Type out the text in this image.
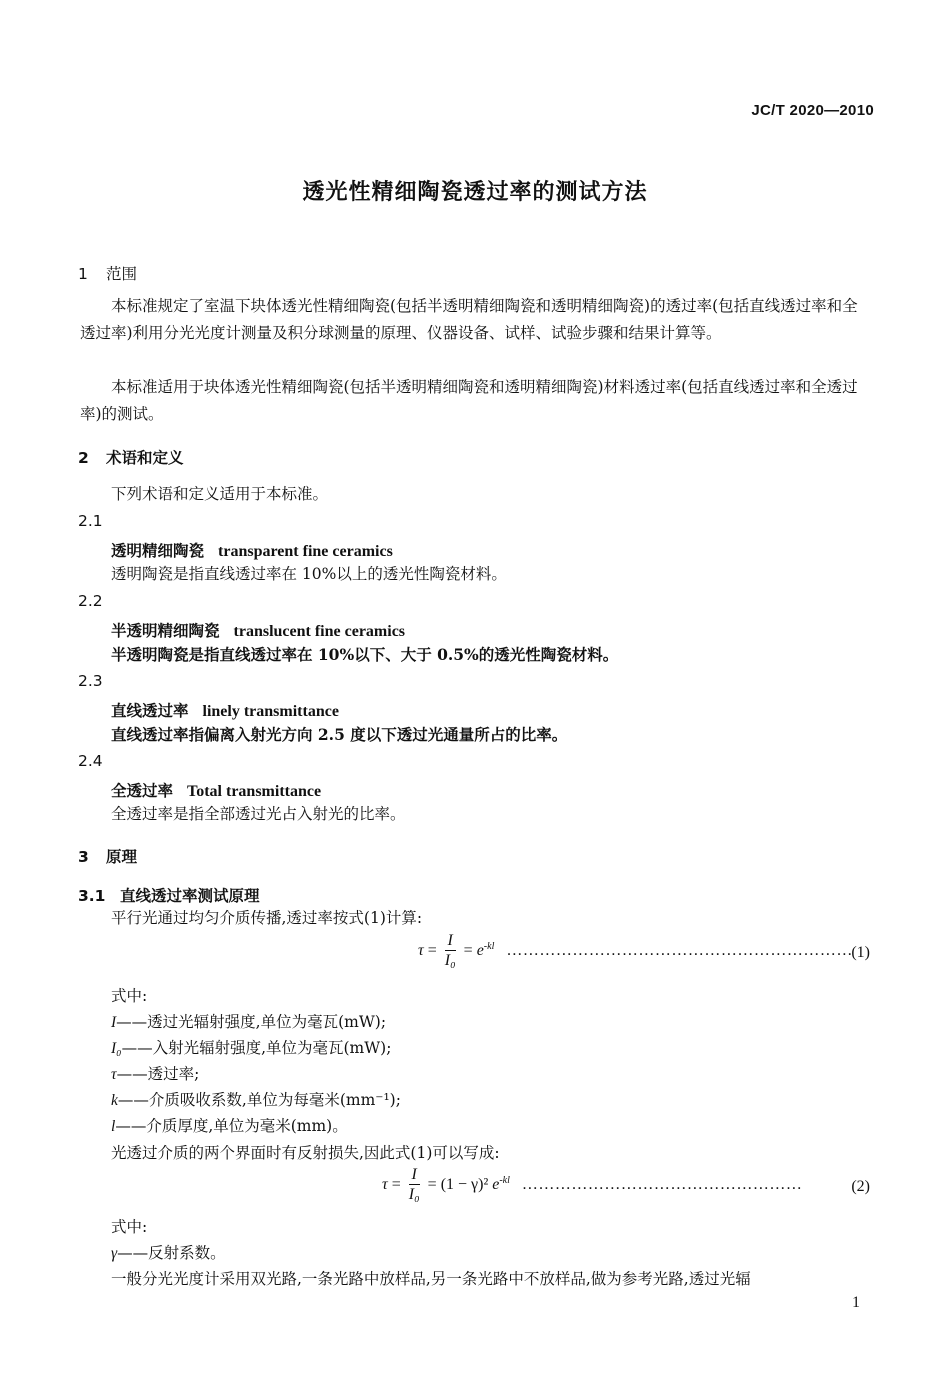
JC/T 2020—2010
透光性精细陶瓷透过率的测试方法
1 范围
本标准规定了室温下块体透光性精细陶瓷(包括半透明精细陶瓷和透明精细陶瓷)的透过率(包括直线透过率和全透过率)利用分光光度计测量及积分球测量的原理、仪器设备、试样、试验步骤和结果计算等。
本标准适用于块体透光性精细陶瓷(包括半透明精细陶瓷和透明精细陶瓷)材料透过率(包括直线透过率和全透过率)的测试。
2 术语和定义
下列术语和定义适用于本标准。
2.1
透明精细陶瓷 transparent fine ceramics
透明陶瓷是指直线透过率在 10%以上的透光性陶瓷材料。
2.2
半透明精细陶瓷 translucent fine ceramics
半透明陶瓷是指直线透过率在 10%以下、大于 0.5%的透光性陶瓷材料。
2.3
直线透过率 linely transmittance
直线透过率指偏离入射光方向 2.5 度以下透过光通量所占的比率。
2.4
全透过率 Total transmittance
全透过率是指全部透过光占入射光的比率。
3 原理
3.1 直线透过率测试原理
平行光通过均匀介质传播,透过率按式(1)计算:
$\tau = \frac{I}{\text{I₀}} = e^{-kl}$ ………………………………………………………
(1)
式中:
I——透过光辐射强度,单位为毫瓦(mW);
I₀——入射光辐射强度,单位为毫瓦(mW);
τ——透过率;
k——介质吸收系数,单位为每毫米(mm⁻¹);
l——介质厚度,单位为毫米(mm)。
光透过介质的两个界面时有反射损失,因此式(1)可以写成:
$\tau = \frac{I}{\text{I₀}} = (1 - \gamma)^2$ $e^{-kl}$ ……………………………………………	(2)
式中:
γ——反射系数。
一般分光光度计采用双光路,一条光路中放样品,另一条光路中不放样品,做为参考光路,透过光辐
1
